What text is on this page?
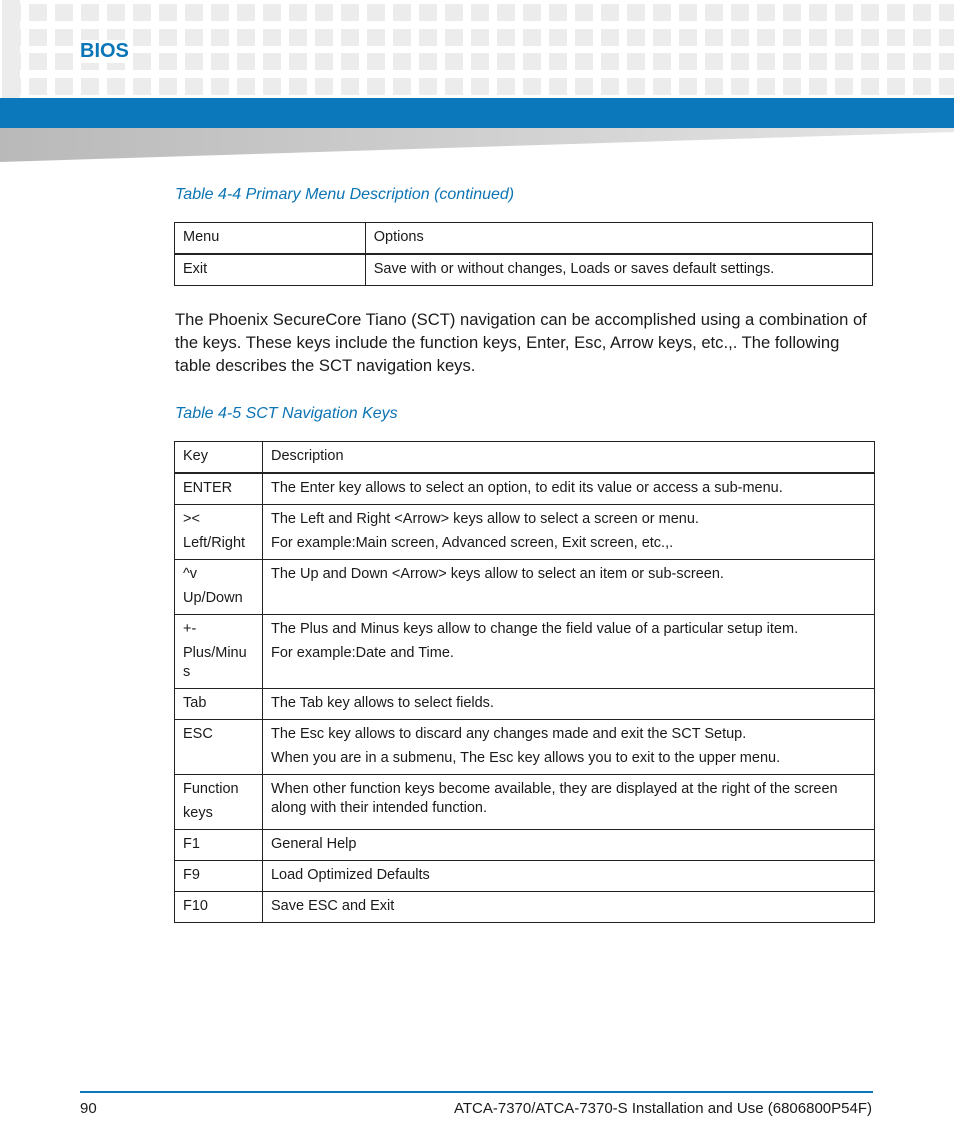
BIOS

Table 4-4 Primary Menu Description (continued)

Menu	Options
Exit	Save with or without changes, Loads or saves default settings.

The Phoenix SecureCore Tiano (SCT) navigation can be accomplished using a combination of the keys. These keys include the function keys, Enter, Esc, Arrow keys, etc.,. The following table describes the SCT navigation keys.

Table 4-5 SCT Navigation Keys

Key	Description

ENTER	The Enter key allows to select an option, to edit its value or access a sub-menu.

><
Left/Right	The Left and Right <Arrow> keys allow to select a screen or menu.
For example:Main screen, Advanced screen, Exit screen, etc.,.

^v
Up/Down	The Up and Down <Arrow> keys allow to select an item or sub-screen.

+-
Plus/Minu
s	The Plus and Minus keys allow to change the field value of a particular setup item.
For example:Date and Time.

Tab	The Tab key allows to select fields.

ESC	The Esc key allows to discard any changes made and exit the SCT Setup.
When you are in a submenu, The Esc key allows you to exit to the upper menu.

Function
keys	When other function keys become available, they are displayed at the right of the screen
along with their intended function.

F1	General Help

F9	Load Optimized Defaults

F10	Save ESC and Exit
90	ATCA-7370/ATCA-7370-S Installation and Use (6806800P54F)
